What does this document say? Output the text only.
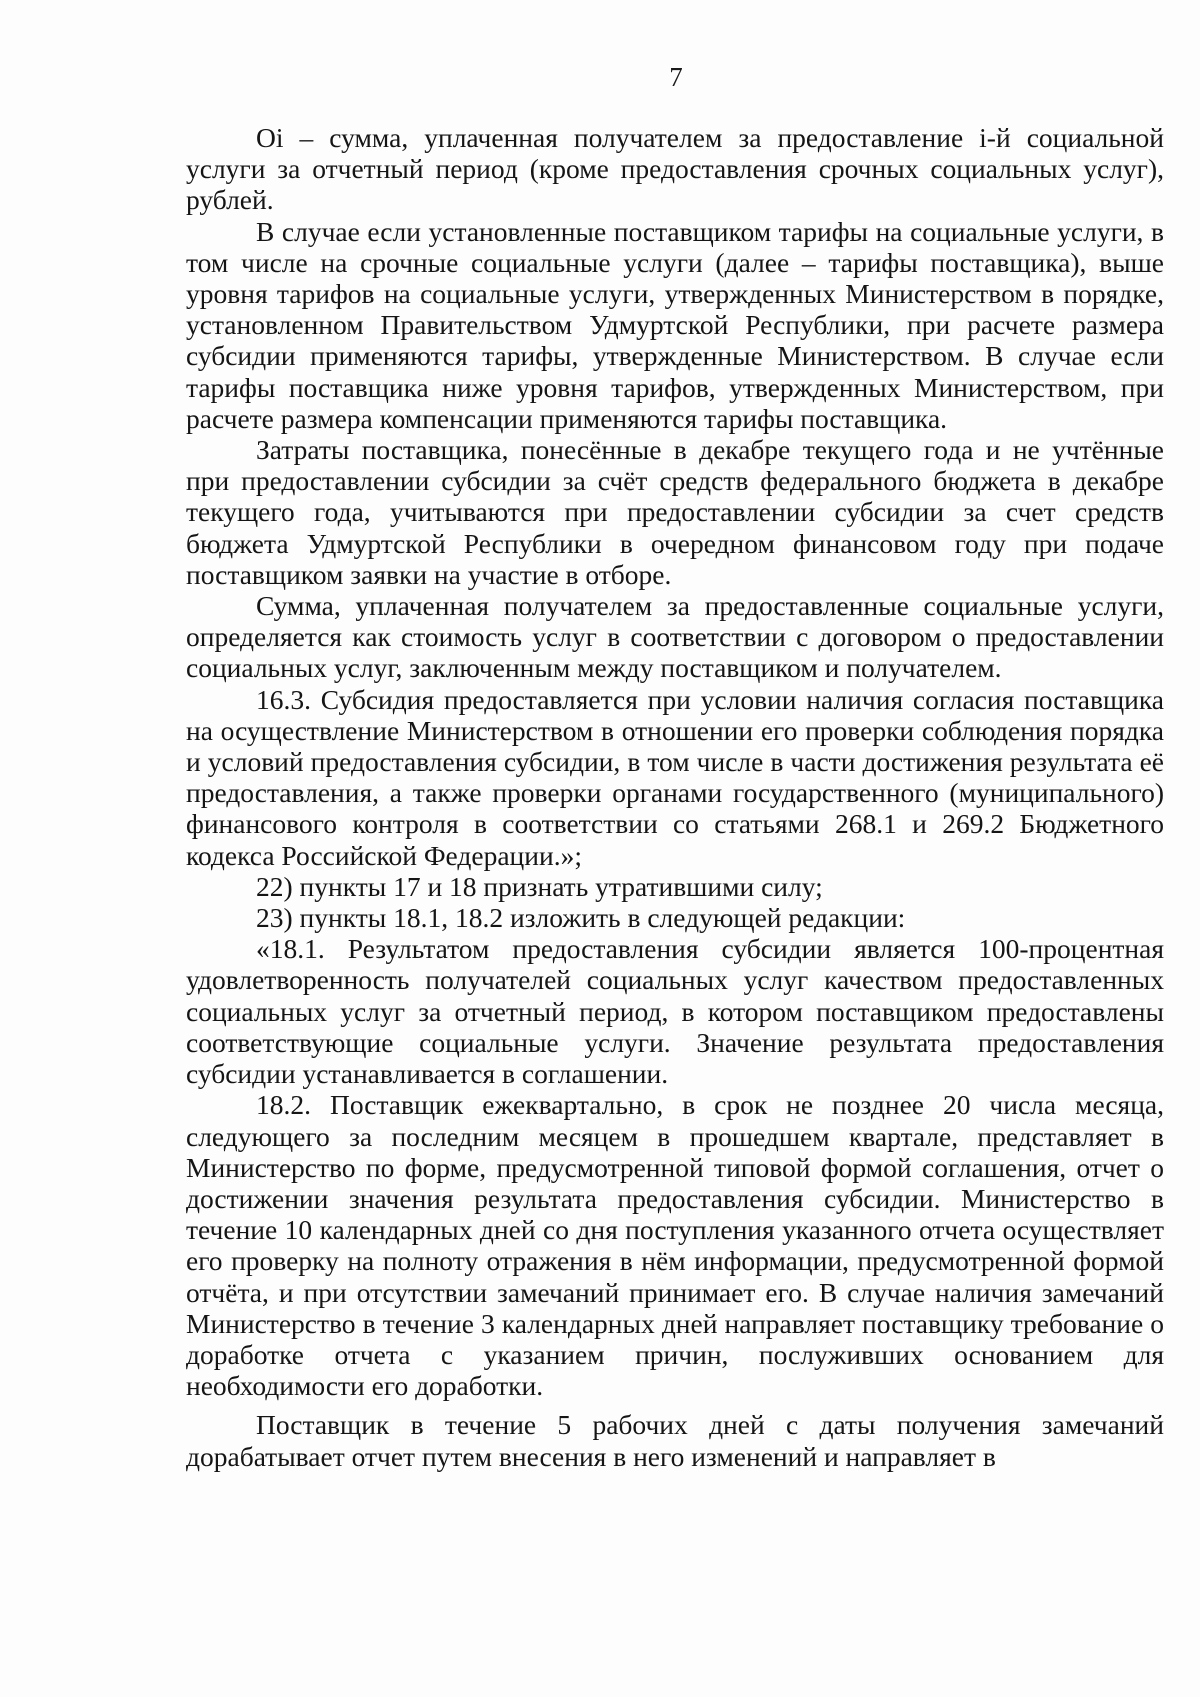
7

Oi – сумма, уплаченная получателем за предоставление i-й социальной услуги за отчетный период (кроме предоставления срочных социальных услуг), рублей.

В случае если установленные поставщиком тарифы на социальные услуги, в том числе на срочные социальные услуги (далее – тарифы поставщика), выше уровня тарифов на социальные услуги, утвержденных Министерством в порядке, установленном Правительством Удмуртской Республики, при расчете размера субсидии применяются тарифы, утвержденные Министерством. В случае если тарифы поставщика ниже уровня тарифов, утвержденных Министерством, при расчете размера компенсации применяются тарифы поставщика.

Затраты поставщика, понесённые в декабре текущего года и не учтённые при предоставлении субсидии за счёт средств федерального бюджета в декабре текущего года, учитываются при предоставлении субсидии за счет средств бюджета Удмуртской Республики в очередном финансовом году при подаче поставщиком заявки на участие в отборе.

Сумма, уплаченная получателем за предоставленные социальные услуги, определяется как стоимость услуг в соответствии с договором о предоставлении социальных услуг, заключенным между поставщиком и получателем.

16.3. Субсидия предоставляется при условии наличия согласия поставщика на осуществление Министерством в отношении его проверки соблюдения порядка и условий предоставления субсидии, в том числе в части достижения результата её предоставления, а также проверки органами государственного (муниципального) финансового контроля в соответствии со статьями 268.1 и 269.2 Бюджетного кодекса Российской Федерации.»;

22) пункты 17 и 18 признать утратившими силу;

23) пункты 18.1, 18.2 изложить в следующей редакции:

«18.1. Результатом предоставления субсидии является 100-процентная удовлетворенность получателей социальных услуг качеством предоставленных социальных услуг за отчетный период, в котором поставщиком предоставлены соответствующие социальные услуги. Значение результата предоставления субсидии устанавливается в соглашении.

18.2. Поставщик ежеквартально, в срок не позднее 20 числа месяца, следующего за последним месяцем в прошедшем квартале, представляет в Министерство по форме, предусмотренной типовой формой соглашения, отчет о достижении значения результата предоставления субсидии. Министерство в течение 10 календарных дней со дня поступления указанного отчета осуществляет его проверку на полноту отражения в нём информации, предусмотренной формой отчёта, и при отсутствии замечаний принимает его. В случае наличия замечаний Министерство в течение 3 календарных дней направляет поставщику требование о доработке отчета с указанием причин, послуживших основанием для необходимости его доработки.

Поставщик в течение 5 рабочих дней с даты получения замечаний дорабатывает отчет путем внесения в него изменений и направляет в
